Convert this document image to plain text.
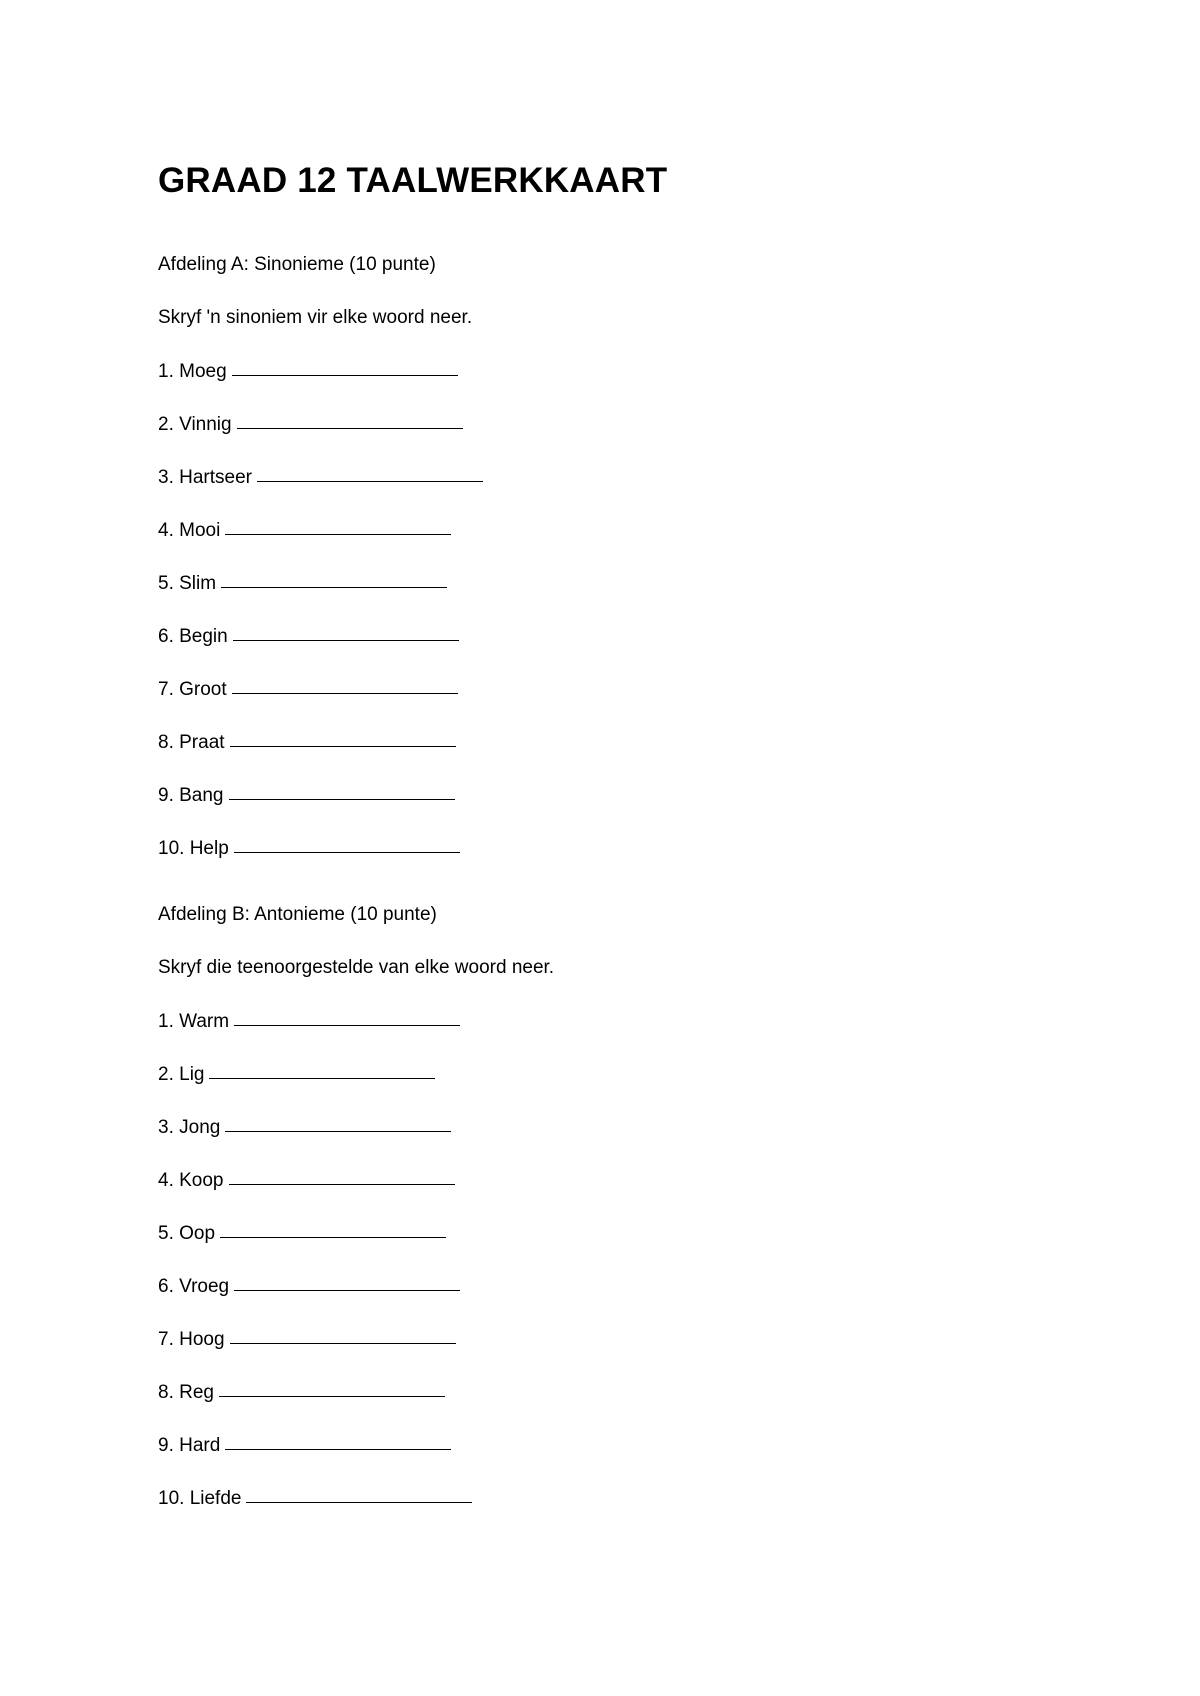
GRAAD 12 TAALWERKKAART

Afdeling A: Sinonieme (10 punte)

Skryf 'n sinoniem vir elke woord neer.

1. Moeg
2. Vinnig
3. Hartseer
4. Mooi
5. Slim
6. Begin
7. Groot
8. Praat
9. Bang
10. Help

Afdeling B: Antonieme (10 punte)

Skryf die teenoorgestelde van elke woord neer.

1. Warm
2. Lig
3. Jong
4. Koop
5. Oop
6. Vroeg
7. Hoog
8. Reg
9. Hard
10. Liefde
